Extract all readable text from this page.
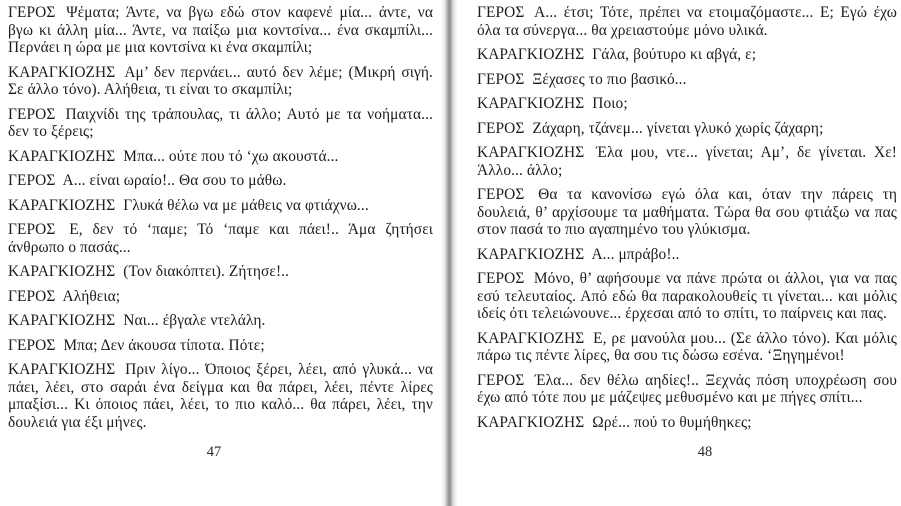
ΓΕΡΟΣ Ψέματα; Άντε, να βγω εδώ στον καφενέ μία... άντε, να βγω κι άλλη μία... Άντε, να παίξω μια κοντσίνα... ένα σκαμπίλι... Περνάει η ώρα με μια κοντσίνα κι ένα σκαμπίλι;

ΚΑΡΑΓΚΙΟΖΗΣ Αμ’ δεν περνάει... αυτό δεν λέμε; (Μικρή σιγή. Σε άλλο τόνο). Αλήθεια, τι είναι το σκαμπίλι;

ΓΕΡΟΣ Παιχνίδι της τράπουλας, τι άλλο; Αυτό με τα νοήματα... δεν το ξέρεις;

ΚΑΡΑΓΚΙΟΖΗΣ Μπα... ούτε που τό ‘χω ακουστά...

ΓΕΡΟΣ Α... είναι ωραίο!.. Θα σου το μάθω.

ΚΑΡΑΓΚΙΟΖΗΣ Γλυκά θέλω να με μάθεις να φτιάχνω...

ΓΕΡΟΣ Ε, δεν τό ‘παμε; Τό ‘παμε και πάει!.. Άμα ζητήσει άνθρωπο ο πασάς...

ΚΑΡΑΓΚΙΟΖΗΣ (Τον διακόπτει). Ζήτησε!..

ΓΕΡΟΣ Αλήθεια;

ΚΑΡΑΓΚΙΟΖΗΣ Ναι... έβγαλε ντελάλη.

ΓΕΡΟΣ Μπα; Δεν άκουσα τίποτα. Πότε;

ΚΑΡΑΓΚΙΟΖΗΣ Πριν λίγο... Όποιος ξέρει, λέει, από γλυκά... να πάει, λέει, στο σαράι ένα δείγμα και θα πάρει, λέει, πέντε λίρες μπαξίσι... Κι όποιος πάει, λέει, το πιο καλό... θα πάρει, λέει, την δουλειά για έξι μήνες.

47

ΓΕΡΟΣ Α... έτσι; Τότε, πρέπει να ετοιμαζόμαστε... Ε; Εγώ έχω όλα τα σύνεργα... θα χρειαστούμε μόνο υλικά.

ΚΑΡΑΓΚΙΟΖΗΣ Γάλα, βούτυρο κι αβγά, ε;

ΓΕΡΟΣ Ξέχασες το πιο βασικό...

ΚΑΡΑΓΚΙΟΖΗΣ Ποιο;

ΓΕΡΟΣ Ζάχαρη, τζάνεμ... γίνεται γλυκό χωρίς ζάχαρη;

ΚΑΡΑΓΚΙΟΖΗΣ Έλα μου, ντε... γίνεται; Αμ’, δε γίνεται. Χε! Άλλο... άλλο;

ΓΕΡΟΣ Θα τα κανονίσω εγώ όλα και, όταν την πάρεις τη δουλειά, θ’ αρχίσουμε τα μαθήματα. Τώρα θα σου φτιάξω να πας στον πασά το πιο αγαπημένο του γλύκισμα.

ΚΑΡΑΓΚΙΟΖΗΣ Α... μπράβο!..

ΓΕΡΟΣ Μόνο, θ’ αφήσουμε να πάνε πρώτα οι άλλοι, για να πας εσύ τελευταίος. Από εδώ θα παρακολουθείς τι γίνεται... και μόλις ιδείς ότι τελειώνουνε... έρχεσαι από το σπίτι, το παίρνεις και πας.

ΚΑΡΑΓΚΙΟΖΗΣ Ε, ρε μανούλα μου... (Σε άλλο τόνο). Και μόλις πάρω τις πέντε λίρες, θα σου τις δώσω εσένα. ‘Ξηγημένοι!

ΓΕΡΟΣ Έλα... δεν θέλω αηδίες!.. Ξεχνάς πόση υποχρέωση σου έχω από τότε που με μάζεψες μεθυσμένο και με πήγες σπίτι...

ΚΑΡΑΓΚΙΟΖΗΣ Ωρέ... πού το θυμήθηκες;

48
